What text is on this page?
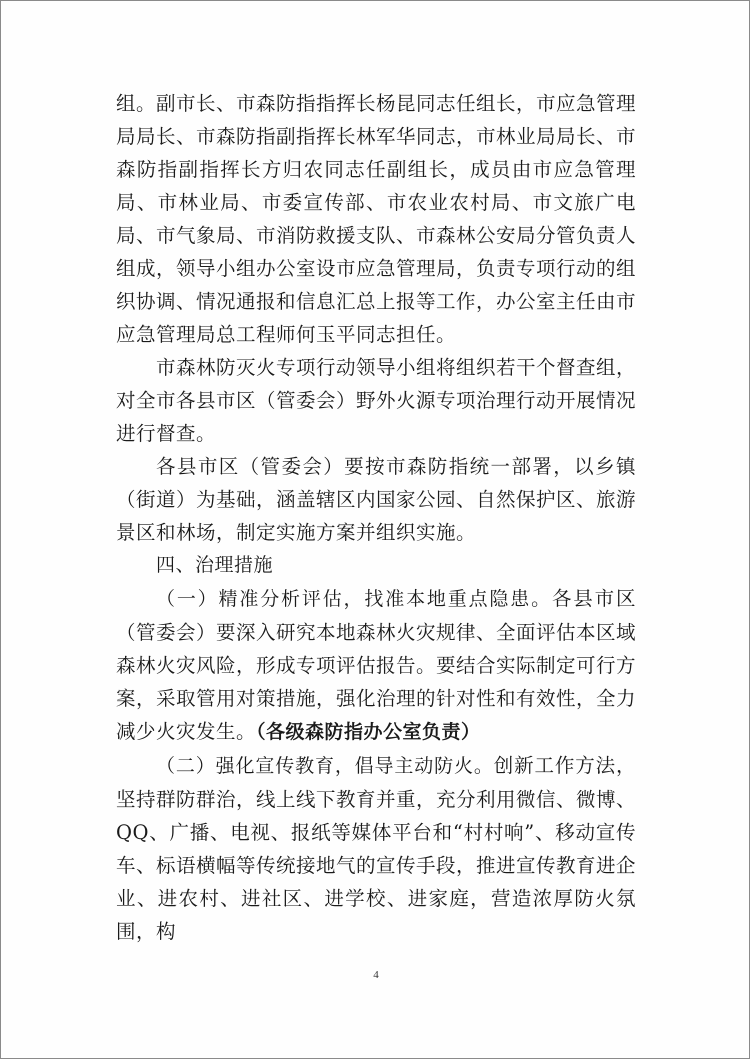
组。副市长、市森防指指挥长杨昆同志任组长，市应急管理局局长、市森防指副指挥长林军华同志，市林业局局长、市森防指副指挥长方归农同志任副组长，成员由市应急管理局、市林业局、市委宣传部、市农业农村局、市文旅广电局、市气象局、市消防救援支队、市森林公安局分管负责人组成，领导小组办公室设市应急管理局，负责专项行动的组织协调、情况通报和信息汇总上报等工作，办公室主任由市应急管理局总工程师何玉平同志担任。

市森林防灭火专项行动领导小组将组织若干个督查组，对全市各县市区（管委会）野外火源专项治理行动开展情况进行督查。

各县市区（管委会）要按市森防指统一部署，以乡镇（街道）为基础，涵盖辖区内国家公园、自然保护区、旅游景区和林场，制定实施方案并组织实施。

四、治理措施

（一）精准分析评估，找准本地重点隐患。各县市区（管委会）要深入研究本地森林火灾规律、全面评估本区域森林火灾风险，形成专项评估报告。要结合实际制定可行方案，采取管用对策措施，强化治理的针对性和有效性，全力减少火灾发生。（各级森防指办公室负责）

（二）强化宣传教育，倡导主动防火。创新工作方法，坚持群防群治，线上线下教育并重，充分利用微信、微博、QQ、广播、电视、报纸等媒体平台和“村村响”、移动宣传车、标语横幅等传统接地气的宣传手段，推进宣传教育进企业、进农村、进社区、进学校、进家庭，营造浓厚防火氛围，构

4
